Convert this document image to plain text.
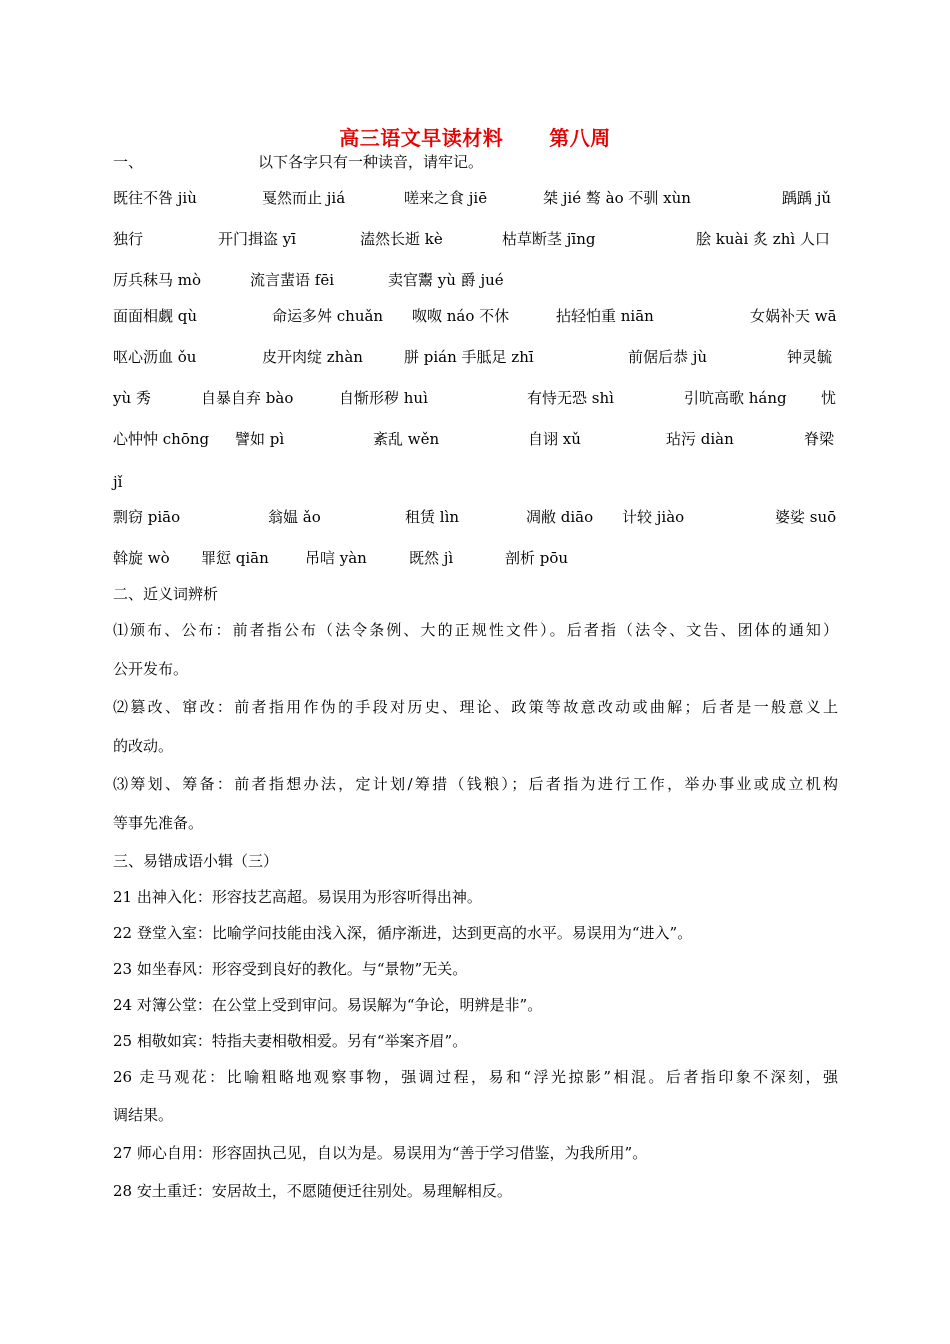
高三语文早读材料 第八周
一、	以下各字只有一种读音，请牢记。
既往不咎 jiù	戛然而止 jiá	嗟来之食 jiē	桀 jié 骜 ào 不驯 xùn	踽踽 jǔ
独行	开门揖盗 yī	溘然长逝 kè	枯草断茎 jīng	脍 kuài 炙 zhì 人口
厉兵秣马 mò	流言蜚语 fēi	卖官鬻 yù 爵 jué
面面相觑 qù	命运多舛 chuǎn 呶呶 náo 不休	拈轻怕重 niān	女娲补天 wā
呕心沥血 ǒu	皮开肉绽 zhàn	胼 pián 手胝足 zhī	前倨后恭 jù	钟灵毓
yù 秀	自暴自弃 bào	自惭形秽 huì	有恃无恐 shì	引吭高歌 háng 忧
心忡忡 chōng 譬如 pì	紊乱 wěn	自诩 xǔ	玷污 diàn	脊梁
jǐ
剽窃 piāo	翁媪 ǎo	租赁 lìn	凋敝 diāo 计较 jiào	婆娑 suō
斡旋 wò 罪愆 qiān 吊唁 yàn	既然 jì	剖析 pōu
二、近义词辨析
⑴颁布、公布：前者指公布（法令条例、大的正规性文件）。后者指（法令、文告、团体的通知）
公开发布。
⑵篡改、窜改：前者指用作伪的手段对历史、理论、政策等故意改动或曲解；后者是一般意义上
的改动。
⑶筹划、筹备：前者指想办法，定计划/筹措（钱粮）；后者指为进行工作，举办事业或成立机构
等事先准备。
三、易错成语小辑（三）
21 出神入化：形容技艺高超。易误用为形容听得出神。
22 登堂入室：比喻学问技能由浅入深，循序渐进，达到更高的水平。易误用为“进入”。
23 如坐春风：形容受到良好的教化。与“景物”无关。
24 对簿公堂：在公堂上受到审问。易误解为“争论，明辨是非”。
25 相敬如宾：特指夫妻相敬相爱。另有“举案齐眉”。
26 走马观花：比喻粗略地观察事物，强调过程，易和“浮光掠影”相混。后者指印象不深刻，强
调结果。
27 师心自用：形容固执己见，自以为是。易误用为“善于学习借鉴，为我所用”。
28 安土重迁：安居故土，不愿随便迁往别处。易理解相反。
